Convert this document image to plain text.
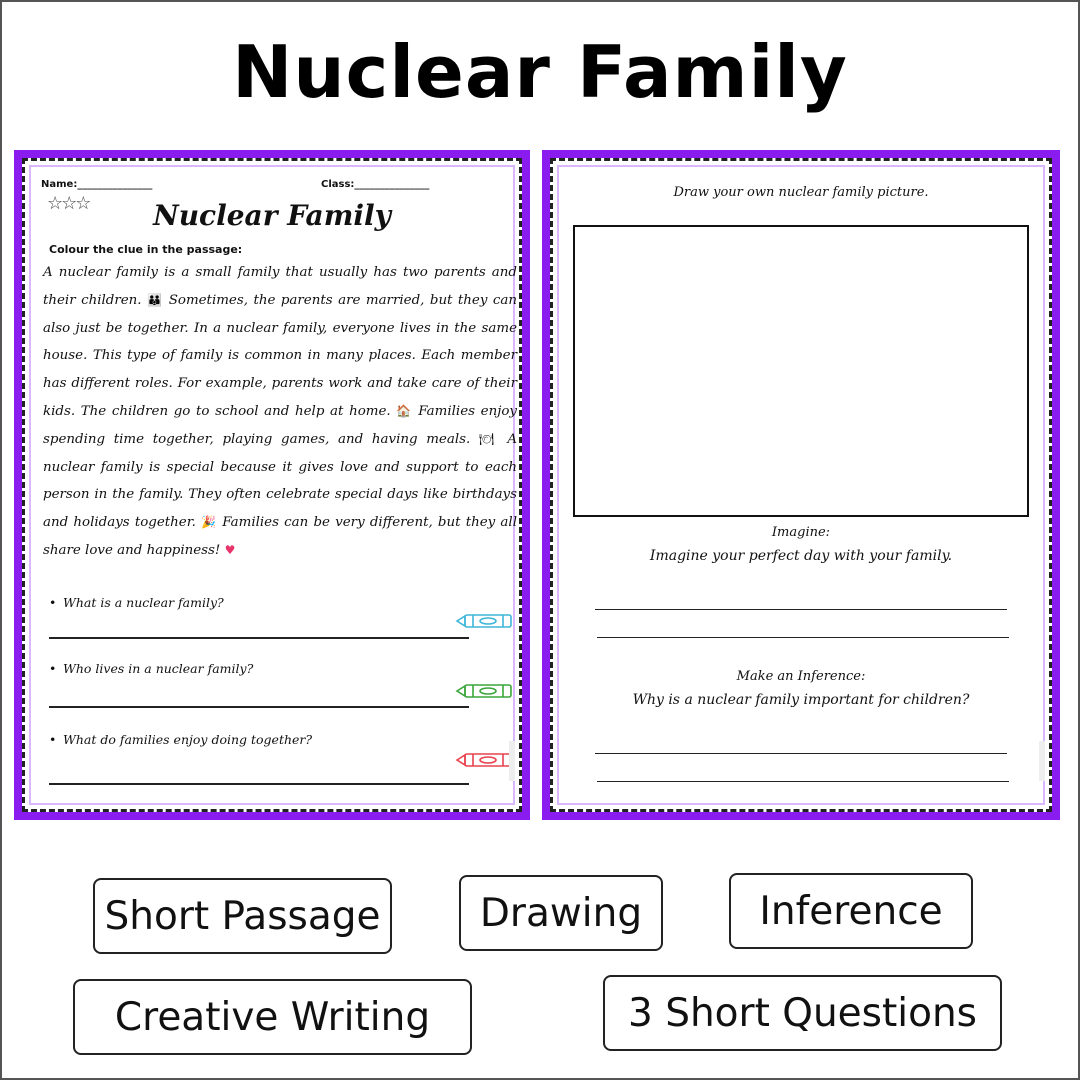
Nuclear Family
Name:_______________	Class:_______________
☆☆☆	Nuclear Family
Colour the clue in the passage:

A nuclear family is a small family that usually has two parents and their children. 👪 Sometimes, the parents are married, but they can also just be together. In a nuclear family, everyone lives in the same house. This type of family is common in many places. Each member has different roles. For example, parents work and take care of their kids. The children go to school and help at home. 🏠 Families enjoy spending time together, playing games, and having meals. 🍽 A nuclear family is special because it gives love and support to each person in the family. They often celebrate special days like birthdays and holidays together. 🎉 Families can be very different, but they all share love and happiness! ♥

• What is a nuclear family?
• Who lives in a nuclear family?
• What do families enjoy doing together?
Draw your own nuclear family picture.
Imagine:
Imagine your perfect day with your family.
Make an Inference:
Why is a nuclear family important for children?
Short Passage	Drawing	Inference
Creative Writing	3 Short Questions
